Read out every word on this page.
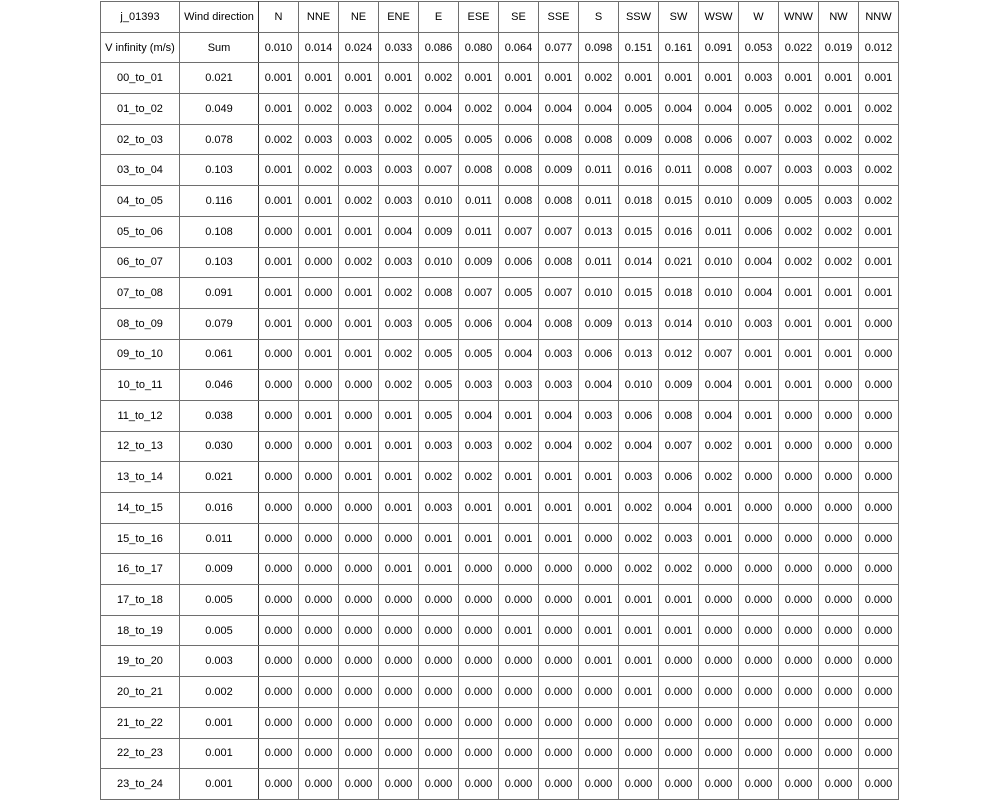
j_01393	Wind direction	N	NNE	NE	ENE	E	ESE	SE	SSE	S	SSW	SW	WSW	W	WNW	NW	NNW
V infinity (m/s)	Sum	0.010	0.014	0.024	0.033	0.086	0.080	0.064	0.077	0.098	0.151	0.161	0.091	0.053	0.022	0.019	0.012
00_to_01	0.021	0.001	0.001	0.001	0.001	0.002	0.001	0.001	0.001	0.002	0.001	0.001	0.001	0.003	0.001	0.001	0.001
01_to_02	0.049	0.001	0.002	0.003	0.002	0.004	0.002	0.004	0.004	0.004	0.005	0.004	0.004	0.005	0.002	0.001	0.002
02_to_03	0.078	0.002	0.003	0.003	0.002	0.005	0.005	0.006	0.008	0.008	0.009	0.008	0.006	0.007	0.003	0.002	0.002
03_to_04	0.103	0.001	0.002	0.003	0.003	0.007	0.008	0.008	0.009	0.011	0.016	0.011	0.008	0.007	0.003	0.003	0.002
04_to_05	0.116	0.001	0.001	0.002	0.003	0.010	0.011	0.008	0.008	0.011	0.018	0.015	0.010	0.009	0.005	0.003	0.002
05_to_06	0.108	0.000	0.001	0.001	0.004	0.009	0.011	0.007	0.007	0.013	0.015	0.016	0.011	0.006	0.002	0.002	0.001
06_to_07	0.103	0.001	0.000	0.002	0.003	0.010	0.009	0.006	0.008	0.011	0.014	0.021	0.010	0.004	0.002	0.002	0.001
07_to_08	0.091	0.001	0.000	0.001	0.002	0.008	0.007	0.005	0.007	0.010	0.015	0.018	0.010	0.004	0.001	0.001	0.001
08_to_09	0.079	0.001	0.000	0.001	0.003	0.005	0.006	0.004	0.008	0.009	0.013	0.014	0.010	0.003	0.001	0.001	0.000
09_to_10	0.061	0.000	0.001	0.001	0.002	0.005	0.005	0.004	0.003	0.006	0.013	0.012	0.007	0.001	0.001	0.001	0.000
10_to_11	0.046	0.000	0.000	0.000	0.002	0.005	0.003	0.003	0.003	0.004	0.010	0.009	0.004	0.001	0.001	0.000	0.000
11_to_12	0.038	0.000	0.001	0.000	0.001	0.005	0.004	0.001	0.004	0.003	0.006	0.008	0.004	0.001	0.000	0.000	0.000
12_to_13	0.030	0.000	0.000	0.001	0.001	0.003	0.003	0.002	0.004	0.002	0.004	0.007	0.002	0.001	0.000	0.000	0.000
13_to_14	0.021	0.000	0.000	0.001	0.001	0.002	0.002	0.001	0.001	0.001	0.003	0.006	0.002	0.000	0.000	0.000	0.000
14_to_15	0.016	0.000	0.000	0.000	0.001	0.003	0.001	0.001	0.001	0.001	0.002	0.004	0.001	0.000	0.000	0.000	0.000
15_to_16	0.011	0.000	0.000	0.000	0.000	0.001	0.001	0.001	0.001	0.000	0.002	0.003	0.001	0.000	0.000	0.000	0.000
16_to_17	0.009	0.000	0.000	0.000	0.001	0.001	0.000	0.000	0.000	0.000	0.002	0.002	0.000	0.000	0.000	0.000	0.000
17_to_18	0.005	0.000	0.000	0.000	0.000	0.000	0.000	0.000	0.000	0.001	0.001	0.001	0.000	0.000	0.000	0.000	0.000
18_to_19	0.005	0.000	0.000	0.000	0.000	0.000	0.000	0.001	0.000	0.001	0.001	0.001	0.000	0.000	0.000	0.000	0.000
19_to_20	0.003	0.000	0.000	0.000	0.000	0.000	0.000	0.000	0.000	0.001	0.001	0.000	0.000	0.000	0.000	0.000	0.000
20_to_21	0.002	0.000	0.000	0.000	0.000	0.000	0.000	0.000	0.000	0.000	0.001	0.000	0.000	0.000	0.000	0.000	0.000
21_to_22	0.001	0.000	0.000	0.000	0.000	0.000	0.000	0.000	0.000	0.000	0.000	0.000	0.000	0.000	0.000	0.000	0.000
22_to_23	0.001	0.000	0.000	0.000	0.000	0.000	0.000	0.000	0.000	0.000	0.000	0.000	0.000	0.000	0.000	0.000	0.000
23_to_24	0.001	0.000	0.000	0.000	0.000	0.000	0.000	0.000	0.000	0.000	0.000	0.000	0.000	0.000	0.000	0.000	0.000
